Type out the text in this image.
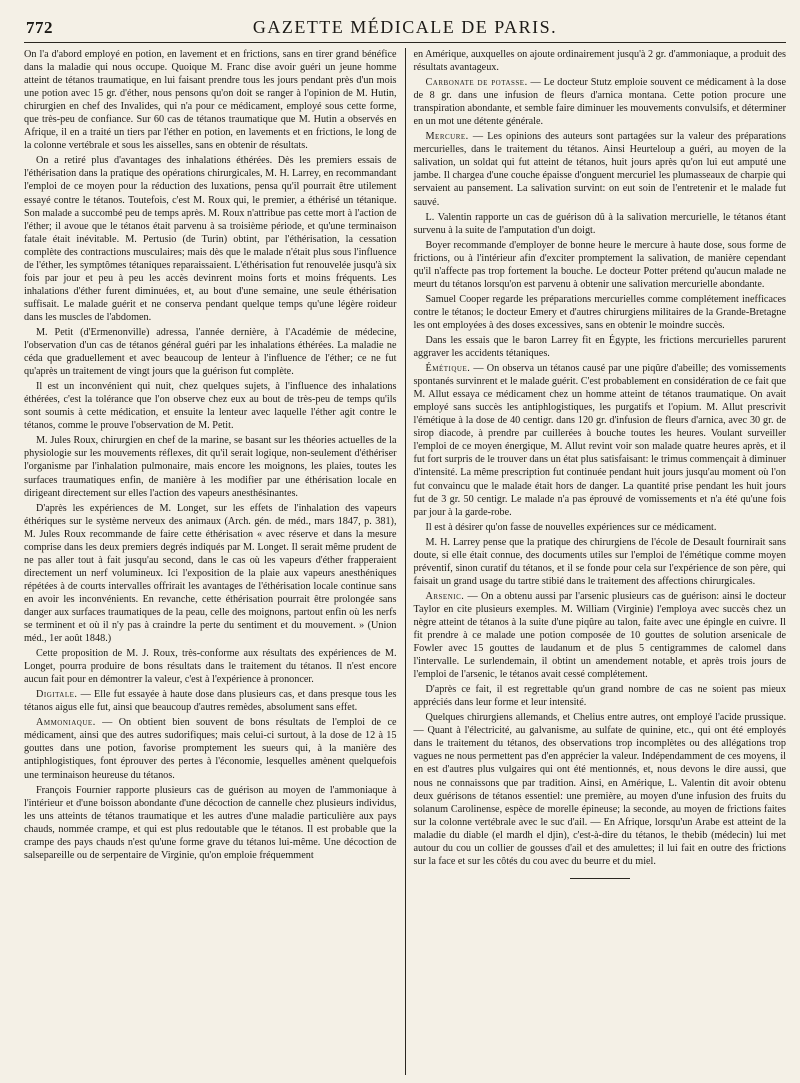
772	GAZETTE MÉDICALE DE PARIS.

On l'a d'abord employé en potion, en lavement et en frictions, sans en tirer grand bénéfice dans la maladie qui nous occupe. Quoique M. Franc dise avoir guéri un jeune homme atteint de tétanos traumatique, en lui faisant prendre tous les jours pendant près d'un mois une potion avec 15 gr. d'éther, nous pensons qu'on doit se ranger à l'opinion de M. Hutin, chirurgien en chef des Invalides, qui n'a pour ce médicament, employé sous cette forme, que très-peu de confiance. Sur 60 cas de tétanos traumatique que M. Hutin a observés en Afrique, il en a traité un tiers par l'éther en potion, en lavements et en frictions, le long de la colonne vertébrale et sous les aisselles, sans en obtenir de résultats.

On a retiré plus d'avantages des inhalations éthérées. Dès les premiers essais de l'éthérisation dans la pratique des opérations chirurgicales, M. H. Larrey, en recommandant l'emploi de ce moyen pour la réduction des luxations, pensa qu'il pourrait être utilement essayé contre le tétanos. Toutefois, c'est M. Roux qui, le premier, a éthérisé un tétanique. Son malade a succombé peu de temps après. M. Roux n'attribue pas cette mort à l'action de l'éther; il avoue que le tétanos était parvenu à sa troisième période, et qu'une terminaison fatale était inévitable. M. Pertusio (de Turin) obtint, par l'éthérisation, la cessation complète des contractions musculaires; mais dès que le malade n'était plus sous l'influence de l'éther, les symptômes tétaniques reparaissaient. L'éthérisation fut renouvelée jusqu'à six fois par jour et peu à peu les accès devinrent moins forts et moins fréquents. Les inhalations d'éther furent diminuées, et, au bout d'une semaine, une seule éthérisation suffisait. Le malade guérit et ne conserva pendant quelque temps qu'une légère roideur dans les muscles de l'abdomen.

M. Petit (d'Ermenonville) adressa, l'année dernière, à l'Académie de médecine, l'observation d'un cas de tétanos général guéri par les inhalations éthérées. La maladie ne céda que graduellement et avec beaucoup de lenteur à l'influence de l'éther; ce ne fut qu'après un traitement de vingt jours que la guérison fut complète.

Il est un inconvénient qui nuit, chez quelques sujets, à l'influence des inhalations éthérées, c'est la tolérance que l'on observe chez eux au bout de très-peu de temps qu'ils sont soumis à cette médication, et ensuite la lenteur avec laquelle l'éther agit contre le tétanos, comme le prouve l'observation de M. Petit.

M. Jules Roux, chirurgien en chef de la marine, se basant sur les théories actuelles de la physiologie sur les mouvements réflexes, dit qu'il serait logique, non-seulement d'éthériser l'organisme par l'inhalation pulmonaire, mais encore les moignons, les plaies, toutes les surfaces traumatiques enfin, de manière à les modifier par une éthérisation locale en dirigeant directement sur elles l'action des vapeurs anesthésinantes.

D'après les expériences de M. Longet, sur les effets de l'inhalation des vapeurs éthériques sur le système nerveux des animaux (Arch. gén. de méd., mars 1847, p. 381), M. Jules Roux recommande de faire cette éthérisation « avec réserve et dans la mesure comprise dans les deux premiers degrés indiqués par M. Longet. Il serait même prudent de ne pas aller tout à fait jusqu'au second, dans le cas où les vapeurs d'éther frapperaient directement un nerf volumineux. Ici l'exposition de la plaie aux vapeurs anesthéniques répétées à de courts intervalles offrirait les avantages de l'éthérisation locale continue sans en avoir les inconvénients. En revanche, cette éthérisation pourrait être prolongée sans danger aux surfaces traumatiques de la peau, celle des moignons, partout enfin où les nerfs se terminent et où il n'y pas à craindre la perte du sentiment et du mouvement. » (Union méd., 1er août 1848.)

Cette proposition de M. J. Roux, très-conforme aux résultats des expériences de M. Longet, pourra produire de bons résultats dans le traitement du tétanos. Il n'est encore aucun fait pour en démontrer la valeur, c'est à l'expérience à prononcer.

Digitale. — Elle fut essayée à haute dose dans plusieurs cas, et dans presque tous les tétanos aigus elle fut, ainsi que beaucoup d'autres remèdes, absolument sans effet.

Ammoniaque. — On obtient bien souvent de bons résultats de l'emploi de ce médicament, ainsi que des autres sudorifiques; mais celui-ci surtout, à la dose de 12 à 15 gouttes dans une potion, favorise promptement les sueurs qui, à la manière des antiphlogistiques, font éprouver des pertes à l'économie, lesquelles amènent quelquefois une terminaison heureuse du tétanos.

François Fournier rapporte plusieurs cas de guérison au moyen de l'ammoniaque à l'intérieur et d'une boisson abondante d'une décoction de cannelle chez plusieurs individus, les uns atteints de tétanos traumatique et les autres d'une maladie particulière aux pays chauds, nommée crampe, et qui est plus redoutable que le tétanos. Il est probable que la crampe des pays chauds n'est qu'une forme grave du tétanos lui-même. Une décoction de salsepareille ou de serpentaire de Virginie, qu'on emploie fréquemment

en Amérique, auxquelles on ajoute ordinairement jusqu'à 2 gr. d'ammoniaque, a produit des résultats avantageux.

Carbonate de potasse. — Le docteur Stutz emploie souvent ce médicament à la dose de 8 gr. dans une infusion de fleurs d'arnica montana. Cette potion procure une transpiration abondante, et semble faire diminuer les mouvements convulsifs, et déterminer en un mot une détente générale.

Mercure. — Les opinions des auteurs sont partagées sur la valeur des préparations mercurielles, dans le traitement du tétanos. Ainsi Heurteloup a guéri, au moyen de la salivation, un soldat qui fut atteint de tétanos, huit jours après qu'on lui eut amputé une jambe. Il chargea d'une couche épaisse d'onguent mercuriel les plumasseaux de charpie qui servaient au pansement. La salivation survint: on eut soin de l'entretenir et le malade fut sauvé.

L. Valentin rapporte un cas de guérison dû à la salivation mercurielle, le tétanos étant survenu à la suite de l'amputation d'un doigt.

Boyer recommande d'employer de bonne heure le mercure à haute dose, sous forme de frictions, ou à l'intérieur afin d'exciter promptement la salivation, de manière cependant qu'il n'affecte pas trop fortement la bouche. Le docteur Potter prétend qu'aucun malade ne meurt du tétanos lorsqu'on est parvenu à obtenir une salivation mercurielle abondante.

Samuel Cooper regarde les préparations mercurielles comme complétement inefficaces contre le tétanos; le docteur Emery et d'autres chirurgiens militaires de la Grande-Bretagne les ont employées à des doses excessives, sans en obtenir le moindre succès.

Dans les essais que le baron Larrey fit en Égypte, les frictions mercurielles parurent aggraver les accidents tétaniques.

Émétique. — On observa un tétanos causé par une piqûre d'abeille; des vomissements spontanés survinrent et le malade guérit. C'est probablement en considération de ce fait que M. Allut essaya ce médicament chez un homme atteint de tétanos traumatique. On avait employé sans succès les antiphlogistiques, les purgatifs et l'opium. M. Allut prescrivit l'émétique à la dose de 40 centigr. dans 120 gr. d'infusion de fleurs d'arnica, avec 30 gr. de sirop diacode, à prendre par cuillerées à bouche toutes les heures. Voulant surveiller l'emploi de ce moyen énergique, M. Allut revint voir son malade quatre heures après, et il fut fort surpris de le trouver dans un état plus satisfaisant: le trimus commençait à diminuer d'intensité. La même prescription fut continuée pendant huit jours jusqu'au moment où l'on fut convaincu que le malade était hors de danger. La quantité prise pendant les huit jours fut de 3 gr. 50 centigr. Le malade n'a pas éprouvé de vomissements et n'a été qu'une fois par jour à la garde-robe.

Il est à désirer qu'on fasse de nouvelles expériences sur ce médicament.

M. H. Larrey pense que la pratique des chirurgiens de l'école de Desault fournirait sans doute, si elle était connue, des documents utiles sur l'emploi de l'émétique comme moyen préventif, sinon curatif du tétanos, et il se fonde pour cela sur l'expérience de son père, qui faisait un grand usage du tartre stibié dans le traitement des affections chirurgicales.

Arsenic. — On a obtenu aussi par l'arsenic plusieurs cas de guérison: ainsi le docteur Taylor en cite plusieurs exemples. M. William (Virginie) l'employa avec succès chez un nègre atteint de tétanos à la suite d'une piqûre au talon, faite avec une épingle en cuivre. Il fit prendre à ce malade une potion composée de 10 gouttes de solution arsenicale de Fowler avec 15 gouttes de laudanum et de plus 5 centigrammes de calomel dans l'intervalle. Le surlendemain, il obtint un amendement notable, et après trois jours de l'emploi de l'arsenic, le tétanos avait cessé complétement.

D'après ce fait, il est regrettable qu'un grand nombre de cas ne soient pas mieux appréciés dans leur forme et leur intensité.

Quelques chirurgiens allemands, et Chelius entre autres, ont employé l'acide prussique. — Quant à l'électricité, au galvanisme, au sulfate de quinine, etc., qui ont été employés dans le traitement du tétanos, des observations trop incomplètes ou des allégations trop vagues ne nous permettent pas d'en apprécier la valeur. Indépendamment de ces moyens, il en est d'autres plus vulgaires qui ont été mentionnés, et, nous devons le dire aussi, que nous ne connaissons que par tradition. Ainsi, en Amérique, L. Valentin dit avoir obtenu deux guérisons de tétanos essentiel: une première, au moyen d'une infusion des fruits du solanum Carolinense, espèce de morelle épineuse; la seconde, au moyen de frictions faites sur la colonne vertébrale avec le suc d'ail. — En Afrique, lorsqu'un Arabe est atteint de la maladie du diable (el mardh el djin), c'est-à-dire du tétanos, le thebib (médecin) lui met autour du cou un collier de gousses d'ail et des amulettes; il lui fait en outre des frictions sur la face et sur les côtés du cou avec du beurre et du miel.
